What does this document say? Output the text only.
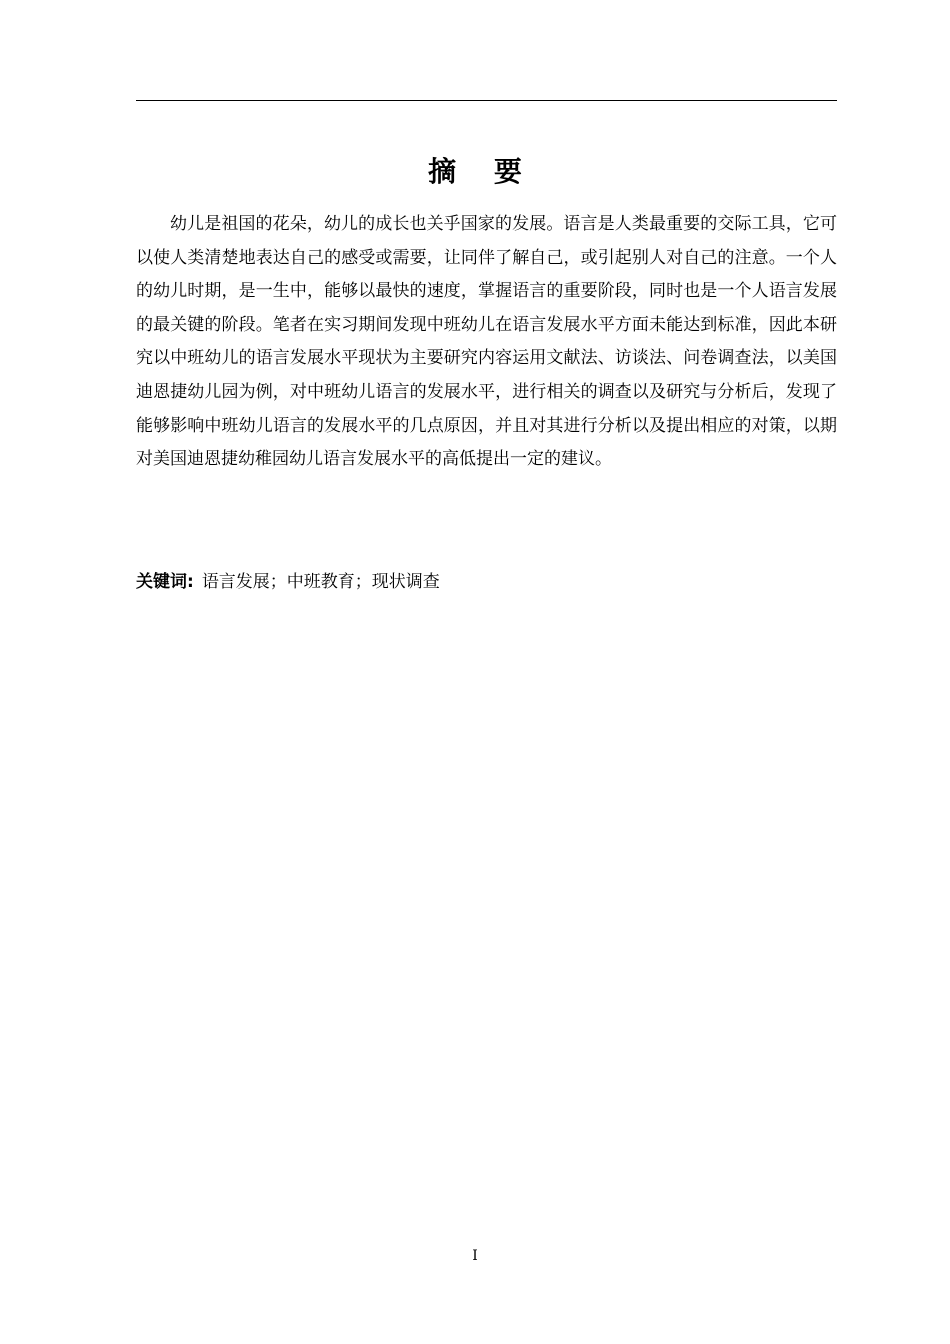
摘 要

幼儿是祖国的花朵，幼儿的成长也关乎国家的发展。语言是人类最重要的交际工具，它可以使人类清楚地表达自己的感受或需要，让同伴了解自己，或引起别人对自己的注意。一个人的幼儿时期，是一生中，能够以最快的速度，掌握语言的重要阶段，同时也是一个人语言发展的最关键的阶段。笔者在实习期间发现中班幼儿在语言发展水平方面未能达到标准，因此本研究以中班幼儿的语言发展水平现状为主要研究内容运用文献法、访谈法、问卷调查法，以美国迪恩捷幼儿园为例，对中班幼儿语言的发展水平，进行相关的调查以及研究与分析后，发现了能够影响中班幼儿语言的发展水平的几点原因，并且对其进行分析以及提出相应的对策，以期对美国迪恩捷幼稚园幼儿语言发展水平的高低提出一定的建议。

关键词: 语言发展；中班教育；现状调查
I
